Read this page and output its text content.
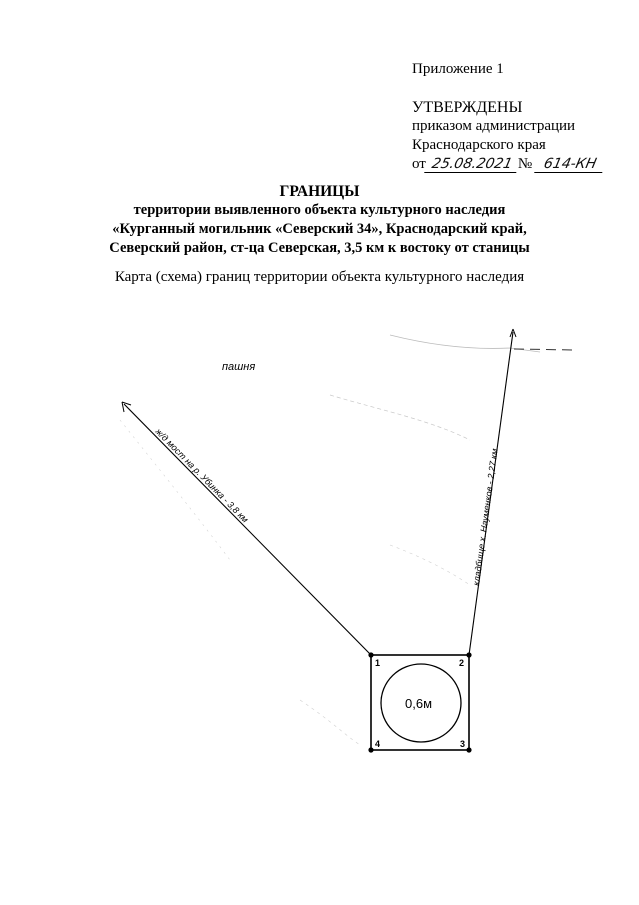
Приложение 1
УТВЕРЖДЕНЫ
приказом администрации
Краснодарского края
от 25.08.2021 № 614-КН
ГРАНИЦЫ
территории выявленного объекта культурного наследия
«Курганный могильник «Северский 34», Краснодарский край,
Северский район, ст-ца Северская, 3,5 км к востоку от станицы
Карта (схема) границ территории объекта культурного наследия
пашня
ж/д мост на р. Убинка - 3,8 км	кладбище х. Науменков - 2,27 км
0,6м
1	2
3
4
